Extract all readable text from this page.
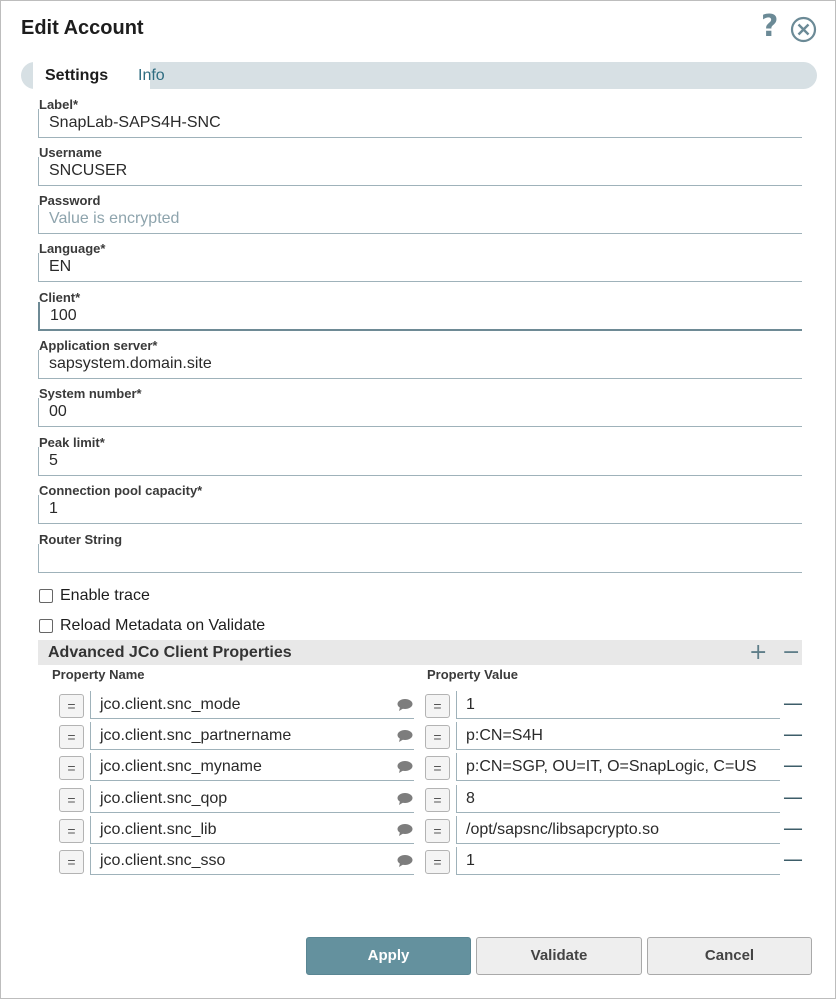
Edit Account	?
Settings	Info
Label*
SnapLab-SAPS4H-SNC
Username
SNCUSER
Password
Value is encrypted
Language*
EN
Client*
100
Application server*
sapsystem.domain.site
System number*
00
Peak limit*
5
Connection pool capacity*
1
Router String
Enable trace
Reload Metadata on Validate
Advanced JCo Client Properties	+ −
Property Name	Property Value
=	jco.client.snc_mode	=	1	—
=	jco.client.snc_partnername	=	p:CN=S4H	—
=	jco.client.snc_myname	=	p:CN=SGP, OU=IT, O=SnapLogic, C=US	—
=	jco.client.snc_qop	=	8	—
=	jco.client.snc_lib	=	/opt/sapsnc/libsapcrypto.so	—
=	jco.client.snc_sso	=	1	—
Apply	Validate	Cancel
